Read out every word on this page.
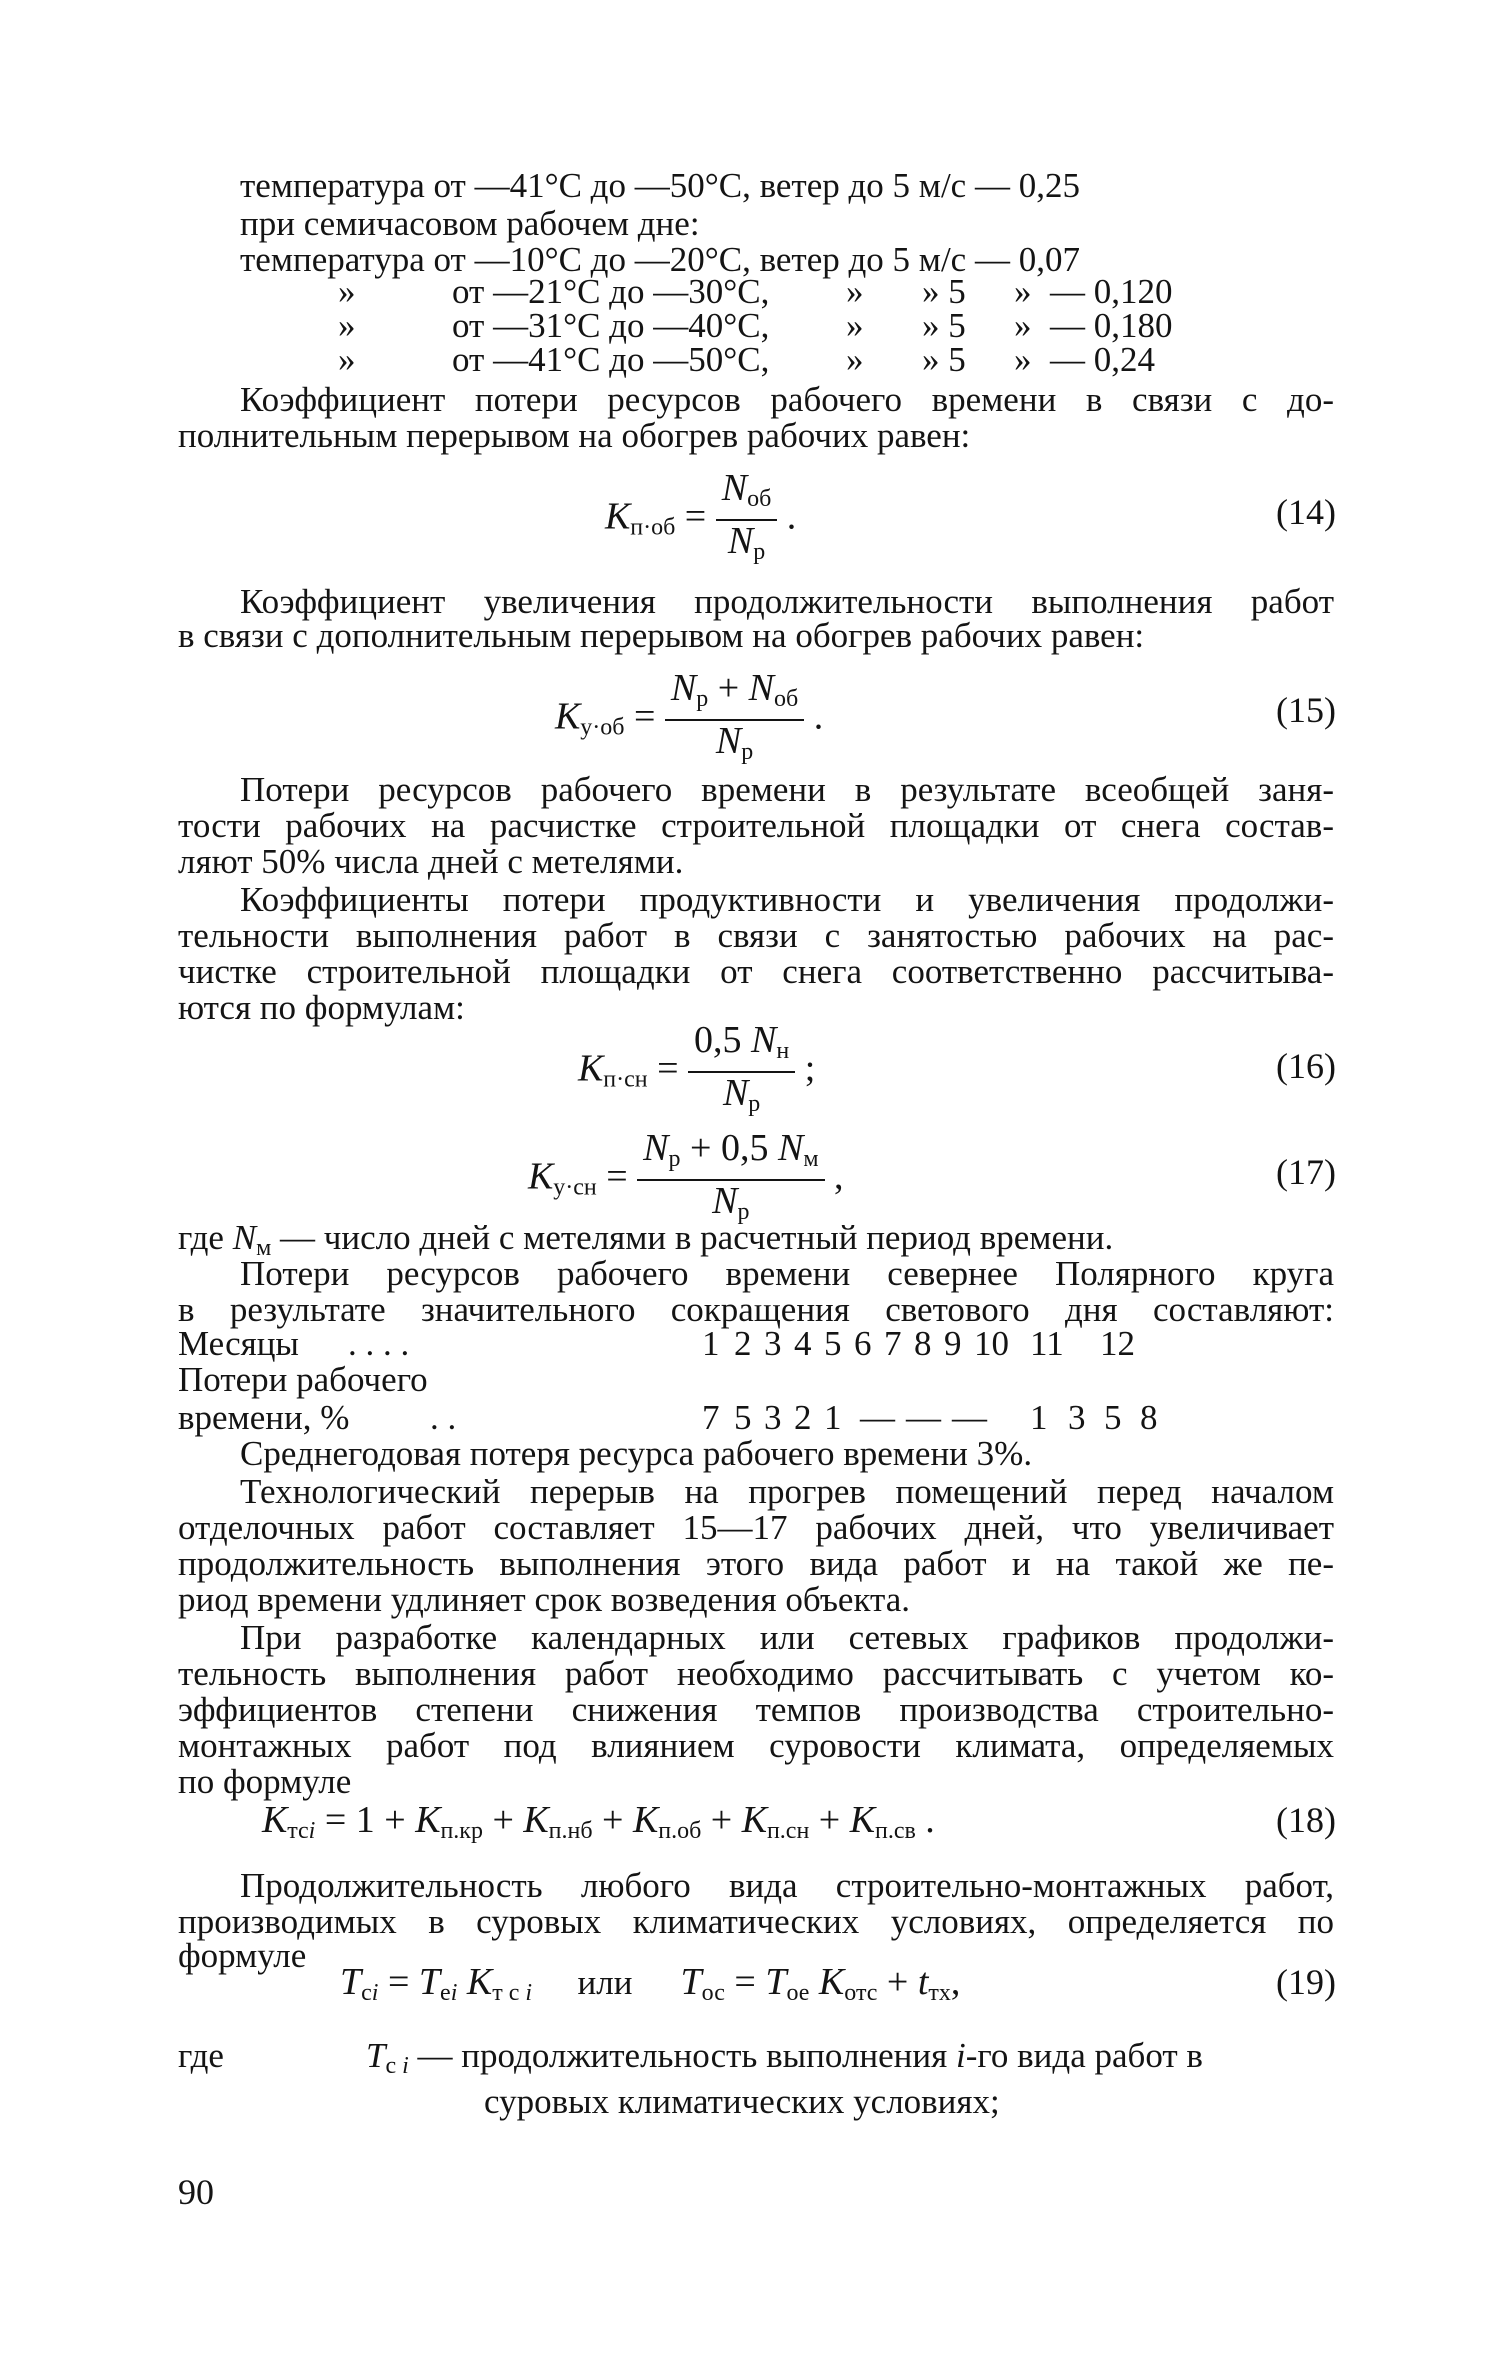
температура от —41°С до —50°С, ветер до 5 м/с — 0,25
при семичасовом рабочем дне:
температура от —10°С до —20°С, ветер до 5 м/с — 0,07
»	от —21°С до —30°С, » » 5 » — 0,120
»	от —31°С до —40°С, » » 5 » — 0,180
»	от —41°С до —50°С, » » 5 » — 0,24
Коэффициент потери ресурсов рабочего времени в связи с до-
полнительным перерывом на обогрев рабочих равен:
$К_{п\cdot об} = \frac{N_{об}}{N_р}$ .	(14)
Коэффициент увеличения продолжительности выполнения работ
в связи с дополнительным перерывом на обогрев рабочих равен:
$К_{у\cdot об} = \frac{N_р + N_{об}}{N_р}$ .	(15)
Потери ресурсов рабочего времени в результате всеобщей заня-
тости рабочих на расчистке строительной площадки от снега состав-
ляют 50% числа дней с метелями.
Коэффициенты потери продуктивности и увеличения продолжи-
тельности выполнения работ в связи с занятостью рабочих на рас-
чистке строительной площадки от снега соответственно рассчитыва-
ются по формулам:
$К_{п\cdot сн} = \frac{0,5 N_н}{N_р}$ ;	(16)
$К_{у\cdot сн} = \frac{N_р + 0,5 N_м}{N_р}$ ,	(17)
где $N_м$ — число дней с метелями в расчетный период времени.
Потери ресурсов рабочего времени севернее Полярного круга
в результате значительного сокращения светового дня составляют:
Месяцы . . . .	1 2 3 4 5 6 7 8 9 10 11 12
Потери рабочего
времени, % . .	7 5 3 2 1 — — — 1 3 5 8
Среднегодовая потеря ресурса рабочего времени 3%.
Технологический перерыв на прогрев помещений перед началом
отделочных работ составляет 15—17 рабочих дней, что увеличивает
продолжительность выполнения этого вида работ и на такой же пе-
риод времени удлиняет срок возведения объекта.
При разработке календарных или сетевых графиков продолжи-
тельность выполнения работ необходимо рассчитывать с учетом ко-
эффициентов степени снижения темпов производства строительно-
монтажных работ под влиянием суровости климата, определяемых
по формуле
$К_{тсi} = 1 + К_{п.кр} + К_{п.нб} + К_{п.об} + К_{п.сн} + К_{п.св}$ .	(18)
Продолжительность любого вида строительно-монтажных работ,
производимых в суровых климатических условиях, определяется по
формуле
$T_{ci} = T_{ei}$ $K_{т c i}$ или $T_{ос} = T_{ое}$ $K_{отс} + t_{тх}$,	(19)
где	$T_{c i}$ — продолжительность выполнения i-го вида работ в
суровых климатических условиях;
90
